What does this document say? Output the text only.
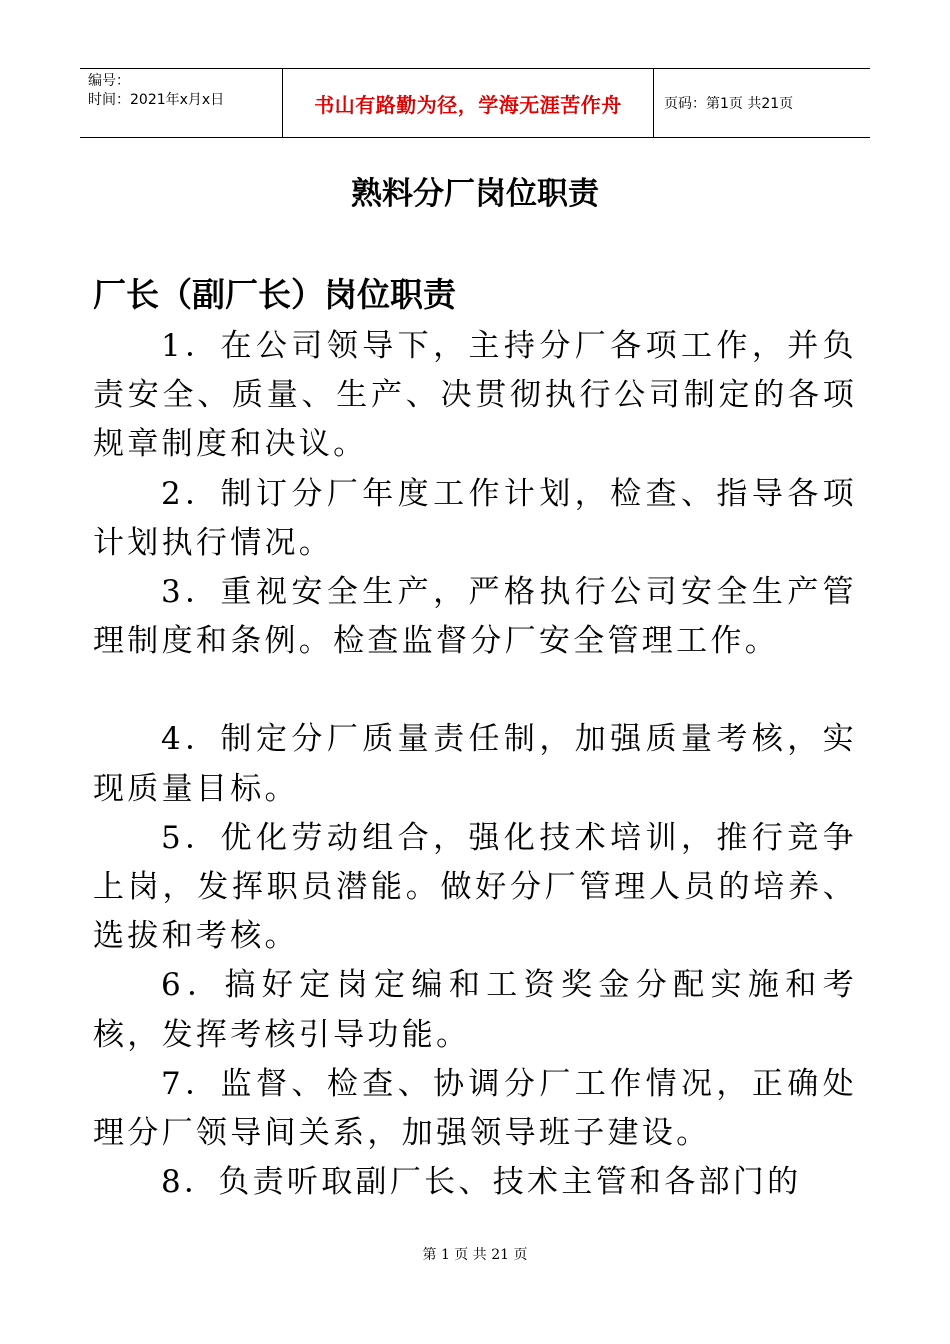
编号：
时间：2021年x月x日	书山有路勤为径，学海无涯苦作舟	页码：第1页 共21页
熟料分厂岗位职责
厂长（副厂长）岗位职责

1．在公司领导下，主持分厂各项工作，并负责安全、质量、生产、决贯彻执行公司制定的各项规章制度和决议。

2．制订分厂年度工作计划，检查、指导各项计划执行情况。

3．重视安全生产，严格执行公司安全生产管理制度和条例。检查监督分厂安全管理工作。

4．制定分厂质量责任制，加强质量考核，实现质量目标。

5．优化劳动组合，强化技术培训，推行竞争上岗，发挥职员潜能。做好分厂管理人员的培养、选拔和考核。

6．搞好定岗定编和工资奖金分配实施和考核，发挥考核引导功能。

7．监督、检查、协调分厂工作情况，正确处理分厂领导间关系，加强领导班子建设。

8．负责听取副厂长、技术主管和各部门的

第 1 页 共 21 页
